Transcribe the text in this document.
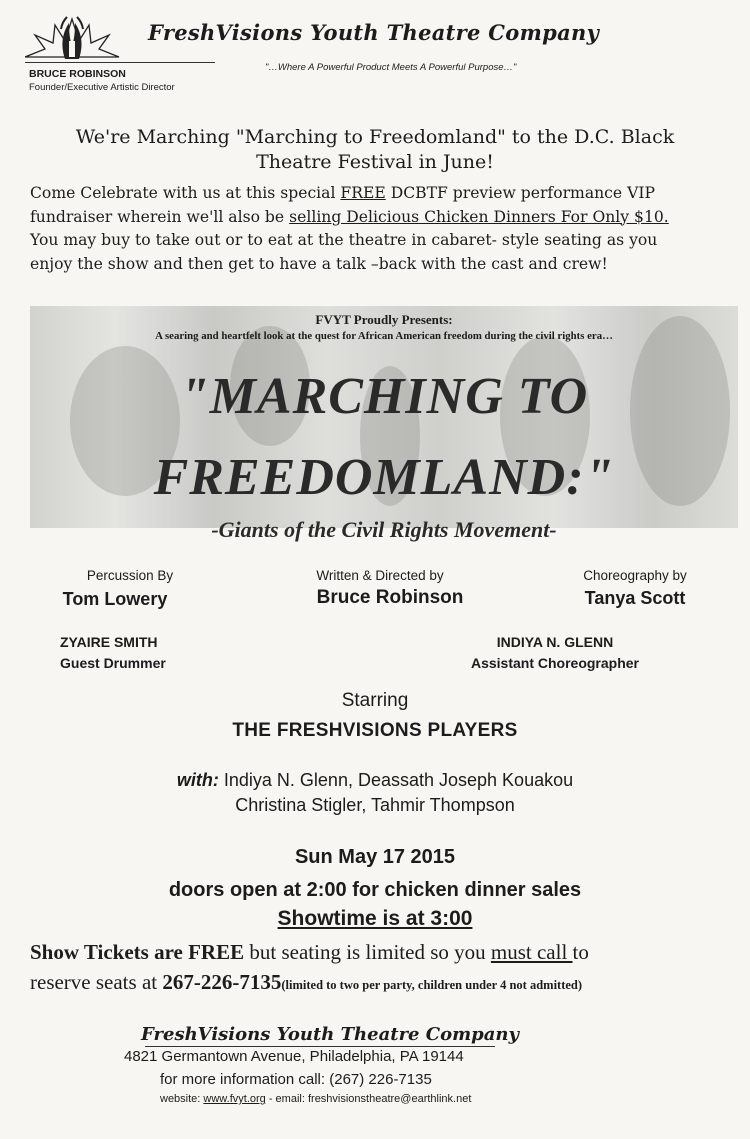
FreshVisions Youth Theatre Company
BRUCE ROBINSON
Founder/Executive Artistic Director
"…Where A Powerful Product Meets A Powerful Purpose…"
We're Marching "Marching to Freedomland" to the D.C. Black
Theatre Festival in June!
Come Celebrate with us at this special FREE DCBTF preview performance VIP
fundraiser wherein we'll also be selling Delicious Chicken Dinners For Only $10.
You may buy to take out or to eat at the theatre in cabaret- style seating as you
enjoy the show and then get to have a talk –back with the cast and crew!
FVYT Proudly Presents:
A searing and heartfelt look at the quest for African American freedom during the civil rights era…
"MARCHING TO
FREEDOMLAND:"
-Giants of the Civil Rights Movement-
Percussion By
Tom Lowery
Written & Directed by
Bruce Robinson
Choreography by
Tanya Scott
ZYAIRE SMITH
Guest Drummer
INDIYA N. GLENN
Assistant Choreographer
Starring
THE FRESHVISIONS PLAYERS
with: Indiya N. Glenn, Deassath Joseph Kouakou
Christina Stigler, Tahmir Thompson
Sun May 17 2015
doors open at 2:00 for chicken dinner sales
Showtime is at 3:00
Show Tickets are FREE but seating is limited so you must call to
reserve seats at 267-226-7135(limited to two per party, children under 4 not admitted)
FreshVisions Youth Theatre Company
4821 Germantown Avenue, Philadelphia, PA 19144
for more information call: (267) 226-7135
website: www.fvyt.org - email: freshvisionstheatre@earthlink.net
